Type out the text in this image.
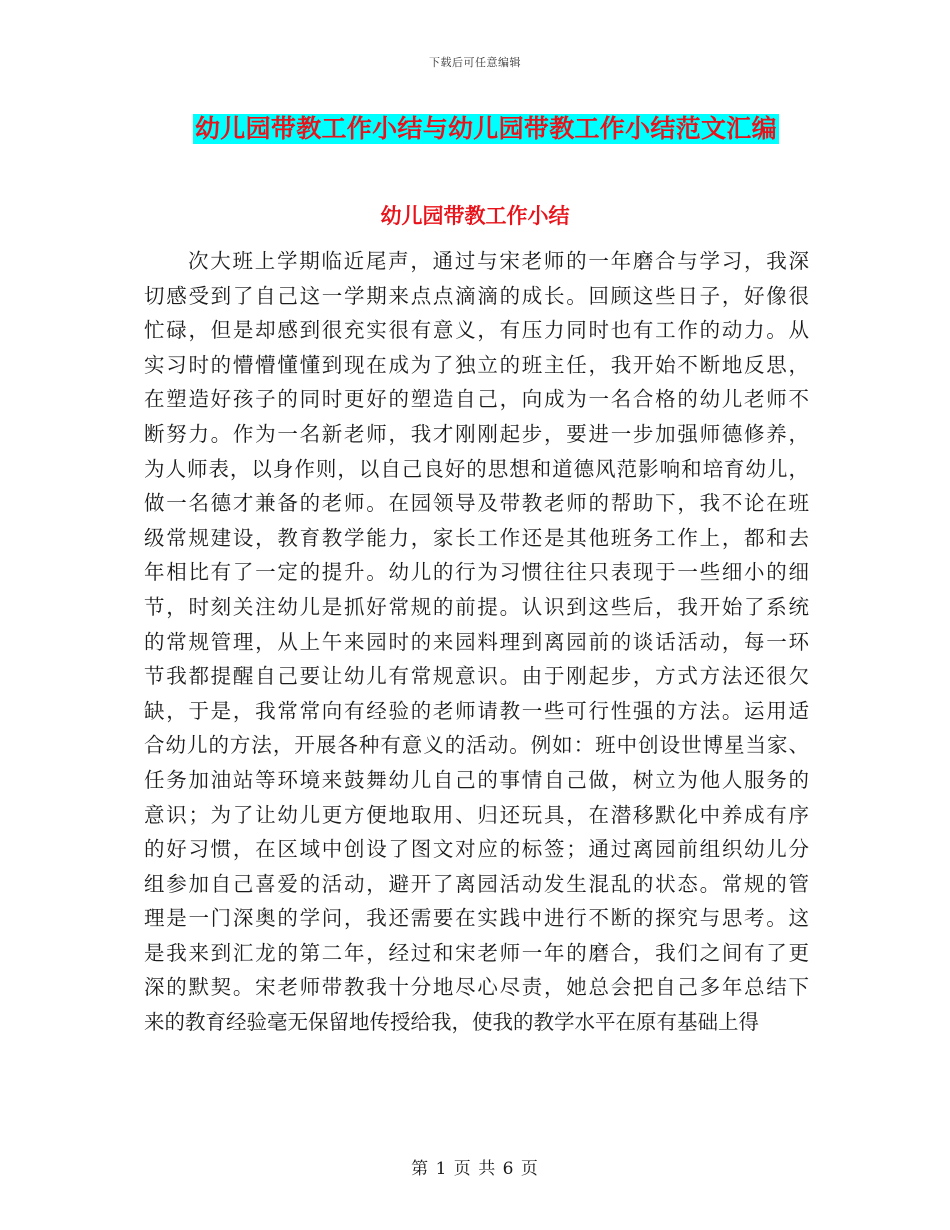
下载后可任意编辑
幼儿园带教工作小结与幼儿园带教工作小结范文汇编
幼儿园带教工作小结
次大班上学期临近尾声，通过与宋老师的一年磨合与学习，我深
切感受到了自己这一学期来点点滴滴的成长。回顾这些日子，好像很
忙碌，但是却感到很充实很有意义，有压力同时也有工作的动力。从
实习时的懵懵懂懂到现在成为了独立的班主任，我开始不断地反思，
在塑造好孩子的同时更好的塑造自己，向成为一名合格的幼儿老师不
断努力。作为一名新老师，我才刚刚起步，要进一步加强师德修养，
为人师表，以身作则，以自己良好的思想和道德风范影响和培育幼儿，
做一名德才兼备的老师。在园领导及带教老师的帮助下，我不论在班
级常规建设，教育教学能力，家长工作还是其他班务工作上，都和去
年相比有了一定的提升。幼儿的行为习惯往往只表现于一些细小的细
节，时刻关注幼儿是抓好常规的前提。认识到这些后，我开始了系统
的常规管理，从上午来园时的来园料理到离园前的谈话活动，每一环
节我都提醒自己要让幼儿有常规意识。由于刚起步，方式方法还很欠
缺，于是，我常常向有经验的老师请教一些可行性强的方法。运用适
合幼儿的方法，开展各种有意义的活动。例如：班中创设世博星当家、
任务加油站等环境来鼓舞幼儿自己的事情自己做，树立为他人服务的
意识；为了让幼儿更方便地取用、归还玩具，在潜移默化中养成有序
的好习惯，在区域中创设了图文对应的标签；通过离园前组织幼儿分
组参加自己喜爱的活动，避开了离园活动发生混乱的状态。常规的管
理是一门深奥的学问，我还需要在实践中进行不断的探究与思考。这
是我来到汇龙的第二年，经过和宋老师一年的磨合，我们之间有了更
深的默契。宋老师带教我十分地尽心尽责，她总会把自己多年总结下
来的教育经验毫无保留地传授给我，使我的教学水平在原有基础上得
第 1 页 共 6 页
